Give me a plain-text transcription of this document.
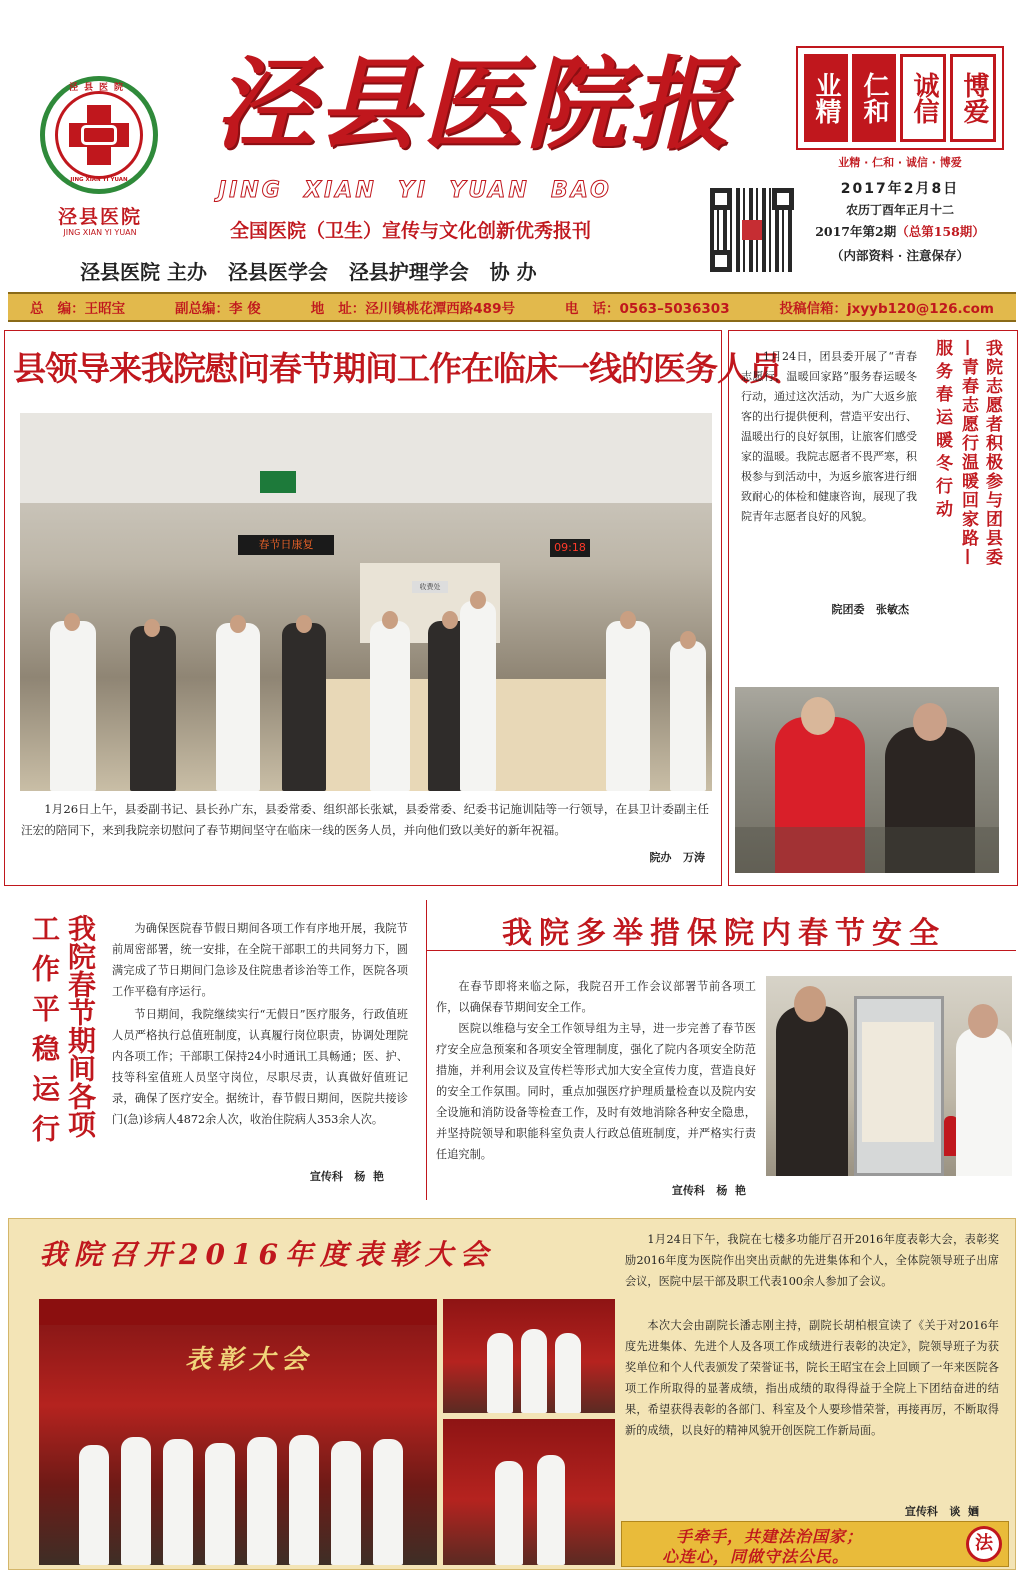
泾县医院
JING XIAN YI YUAN
泾县医院
JING XIAN YI YUAN
泾县医院报
JING  XIAN  YI  YUAN  BAO
全国医院（卫生）宣传与文化创新优秀报刊
泾县医院 主办   泾县医学会   泾县护理学会   协 办
业精 仁和 诚信 博爱
业精 · 仁和 · 诚信 · 博爱
2017年2月8日
农历丁酉年正月十二
2017年第2期（总第158期）
（内部资料 · 注意保存）
总   编：王昭宝	副总编：李 俊	地   址：泾川镇桃花潭西路489号	电   话：0563–5036303	投稿信箱：jxyyb120@126.com
县领导来我院慰问春节期间工作在临床一线的医务人员
春节日康复	09:18
收费处

1月26日上午，县委副书记、县长孙广东，县委常委、组织部长张斌，县委常委、纪委书记施训陆等一行领导，在县卫计委副主任汪宏的陪同下，来到我院亲切慰问了春节期间坚守在临床一线的医务人员，并向他们致以美好的新年祝福。

院办   万涛
我院志愿者积极参与团县委
—青春志愿行温暖回家路—
服务春运暖冬行动

1月24日，团县委开展了“青春志愿行，温暖回家路”服务春运暖冬行动，通过这次活动，为广大返乡旅客的出行提供便利，营造平安出行、温暖出行的良好氛围，让旅客们感受家的温暖。我院志愿者不畏严寒，积极参与到活动中，为返乡旅客进行细致耐心的体检和健康咨询，展现了我院青年志愿者良好的风貌。

院团委   张敏杰
我院春节期间各项
工作平稳运行	为确保医院春节假日期间各项工作有序地开展，我院节前周密部署，统一安排，在全院干部职工的共同努力下，圆满完成了节日期间门急诊及住院患者诊治等工作，医院各项工作平稳有序运行。

节日期间，我院继续实行“无假日”医疗服务，行政值班人员严格执行总值班制度，认真履行岗位职责，协调处理院内各项工作；干部职工保持24小时通讯工具畅通；医、护、技等科室值班人员坚守岗位，尽职尽责，认真做好值班记录，确保了医疗安全。据统计，春节假日期间，医院共接诊门(急)诊病人4872余人次，收治住院病人353余人次。

宣传科   杨  艳
我院多举措保院内春节安全

在春节即将来临之际，我院召开工作会议部署节前各项工作，以确保春节期间安全工作。

医院以维稳与安全工作领导组为主导，进一步完善了春节医疗安全应急预案和各项安全管理制度，强化了院内各项安全防范措施，并利用会议及宣传栏等形式加大安全宣传力度，营造良好的安全工作氛围。同时，重点加强医疗护理质量检查以及院内安全设施和消防设备等检查工作，及时有效地消除各种安全隐患，并坚持院领导和职能科室负责人行政总值班制度，并严格实行责任追究制。

宣传科   杨  艳
我院召开2016年度表彰大会
表彰大会

1月24日下午，我院在七楼多功能厅召开2016年度表彰大会，表彰奖励2016年度为医院作出突出贡献的先进集体和个人，全体院领导班子出席会议，医院中层干部及职工代表100余人参加了会议。

本次大会由副院长潘志刚主持，副院长胡柏根宣读了《关于对2016年度先进集体、先进个人及各项工作成绩进行表彰的决定》，院领导班子为获奖单位和个人代表颁发了荣誉证书，院长王昭宝在会上回顾了一年来医院各项工作所取得的显著成绩，指出成绩的取得得益于全院上下团结奋进的结果，希望获得表彰的各部门、科室及个人要珍惜荣誉，再接再厉，不断取得新的成绩，以良好的精神风貌开创医院工作新局面。

宣传科   谈  婳
手牵手，共建法治国家；
心连心，同做守法公民。
法
